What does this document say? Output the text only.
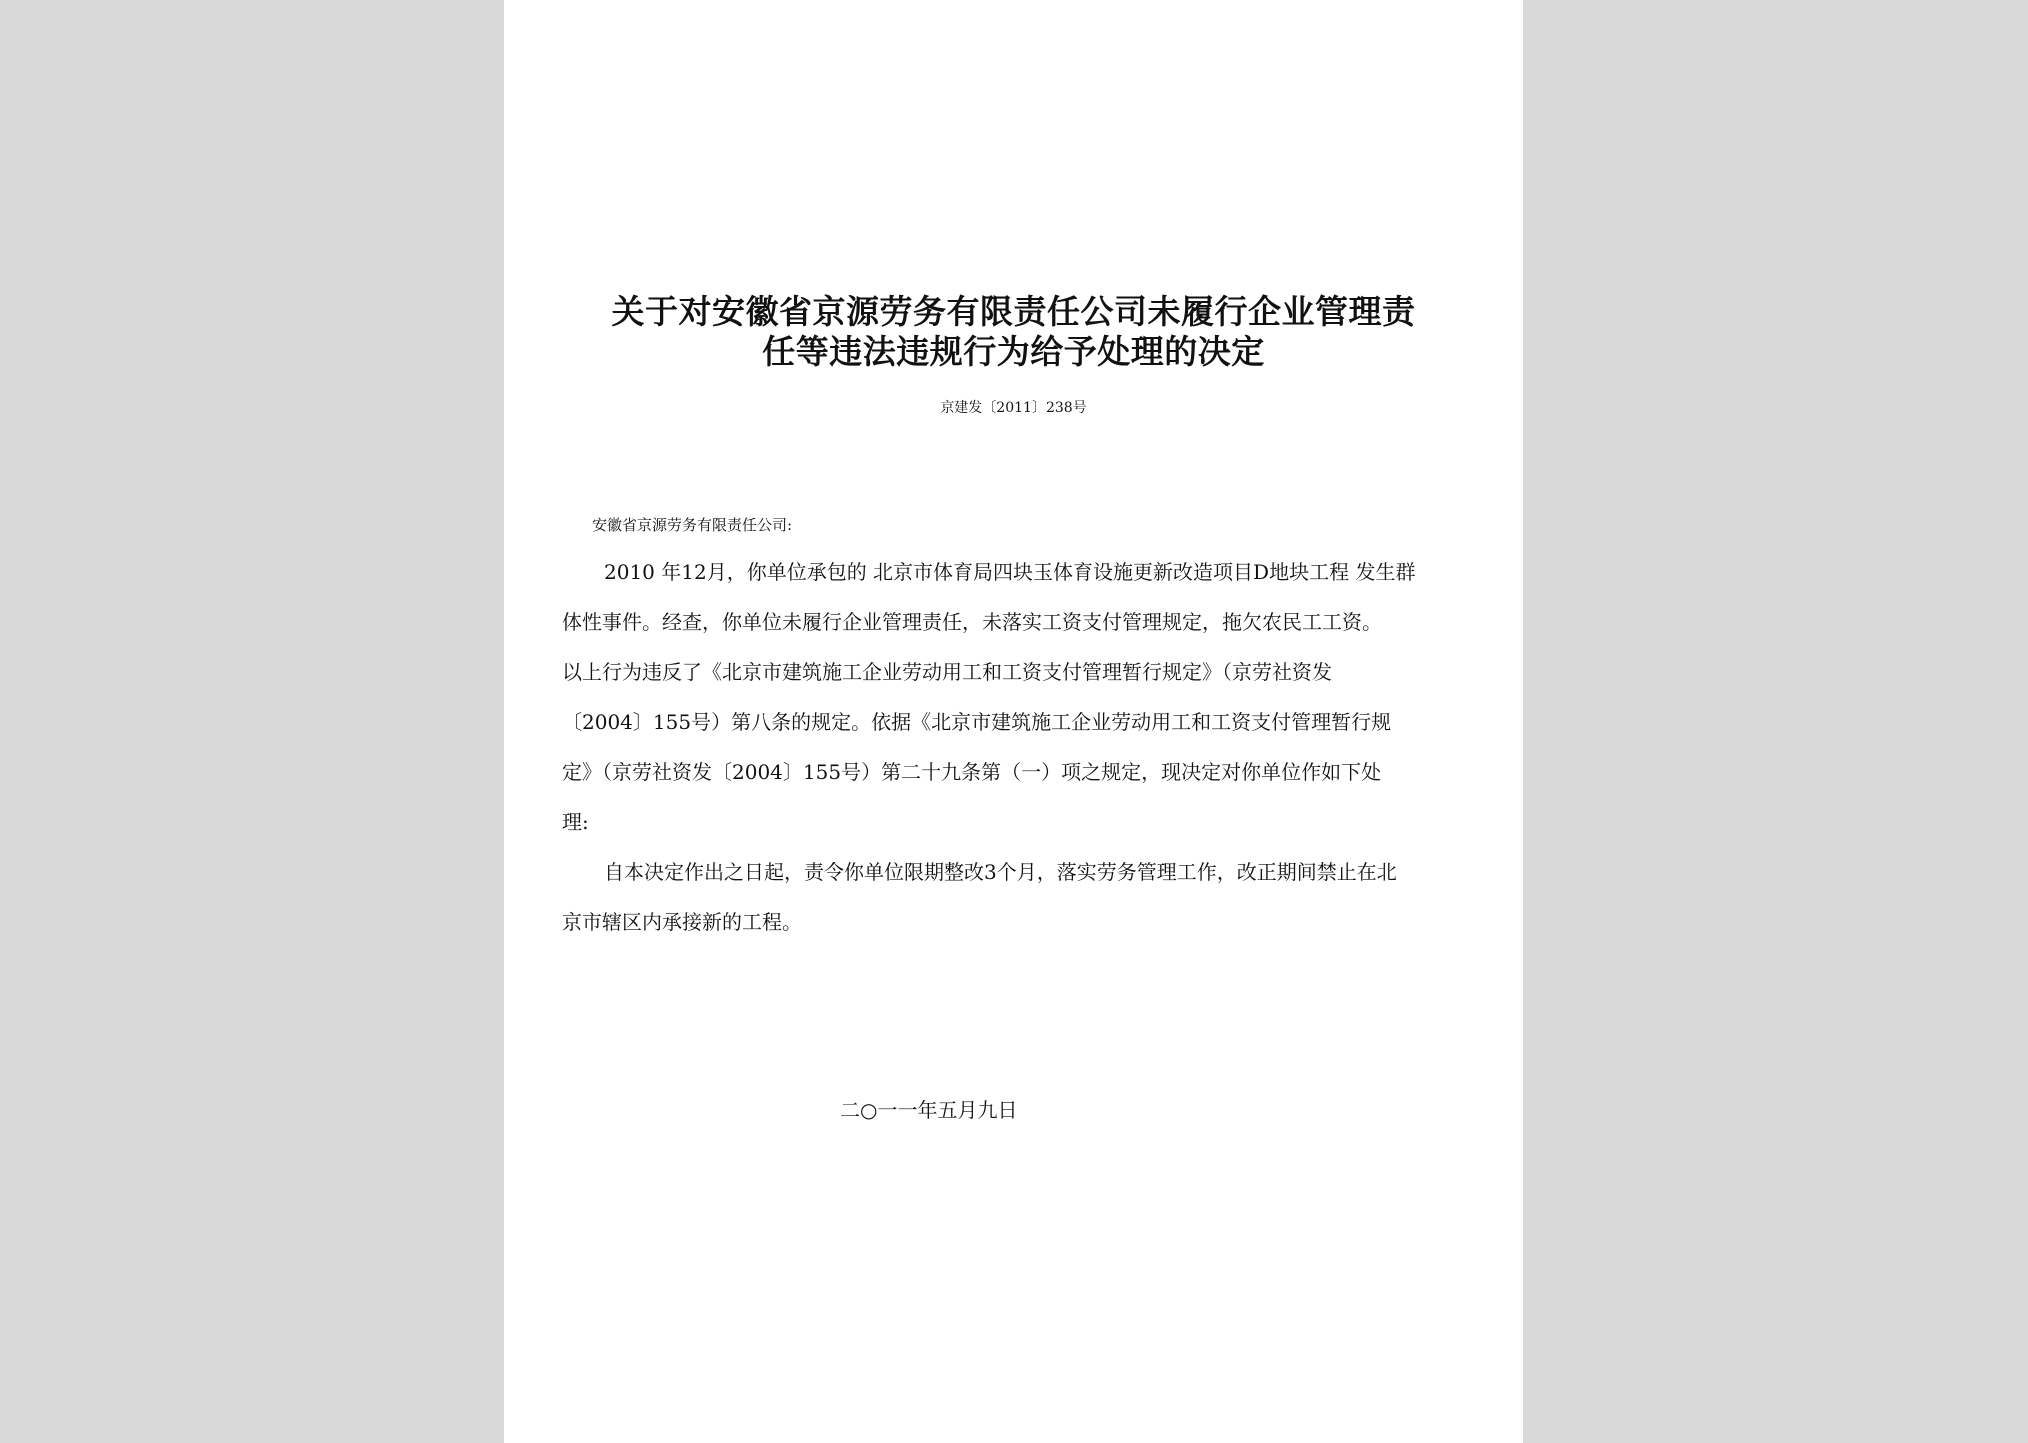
关于对安徽省京源劳务有限责任公司未履行企业管理责
任等违法违规行为给予处理的决定
京建发〔2011〕238号
安徽省京源劳务有限责任公司:
2010 年12月，你单位承包的 北京市体育局四块玉体育设施更新改造项目D地块工程 发生群
体性事件。经查，你单位未履行企业管理责任，未落实工资支付管理规定，拖欠农民工工资。
以上行为违反了《北京市建筑施工企业劳动用工和工资支付管理暂行规定》（京劳社资发
〔2004〕155号）第八条的规定。依据《北京市建筑施工企业劳动用工和工资支付管理暂行规
定》（京劳社资发〔2004〕155号）第二十九条第（一）项之规定，现决定对你单位作如下处
理:
自本决定作出之日起，责令你单位限期整改3个月，落实劳务管理工作，改正期间禁止在北
京市辖区内承接新的工程。
二○一一年五月九日
